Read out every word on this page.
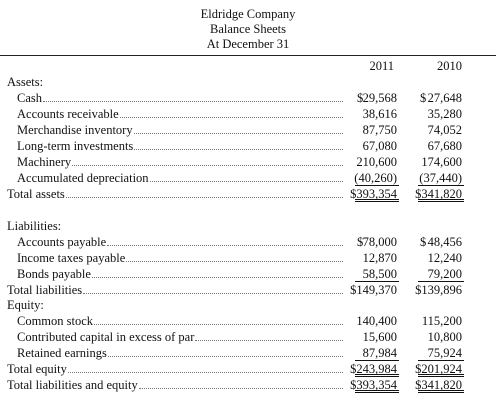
Eldridge Company
Balance Sheets
At December 31
2011	2010
Assets:
Cash	$ 29,568 $ 27,648
Accounts receivable	38,616 35,280
Merchandise inventory	87,750 74,052
Long-term investments	67,080 67,680
Machinery	210,600 174,600
Accumulated depreciation	(40,260) (37,440)
Total assets	$393,354 $341,820
Liabilities:
Accounts payable	$ 78,000 $ 48,456
Income taxes payable	12,870 12,240
Bonds payable	58,500 79,200
Total liabilities	$149,370 $139,896
Equity:
Common stock	140,400 115,200
Contributed capital in excess of par	15,600 10,800
Retained earnings	87,984 75,924
Total equity	$243,984 $201,924
Total liabilities and equity	$393,354 $341,820
